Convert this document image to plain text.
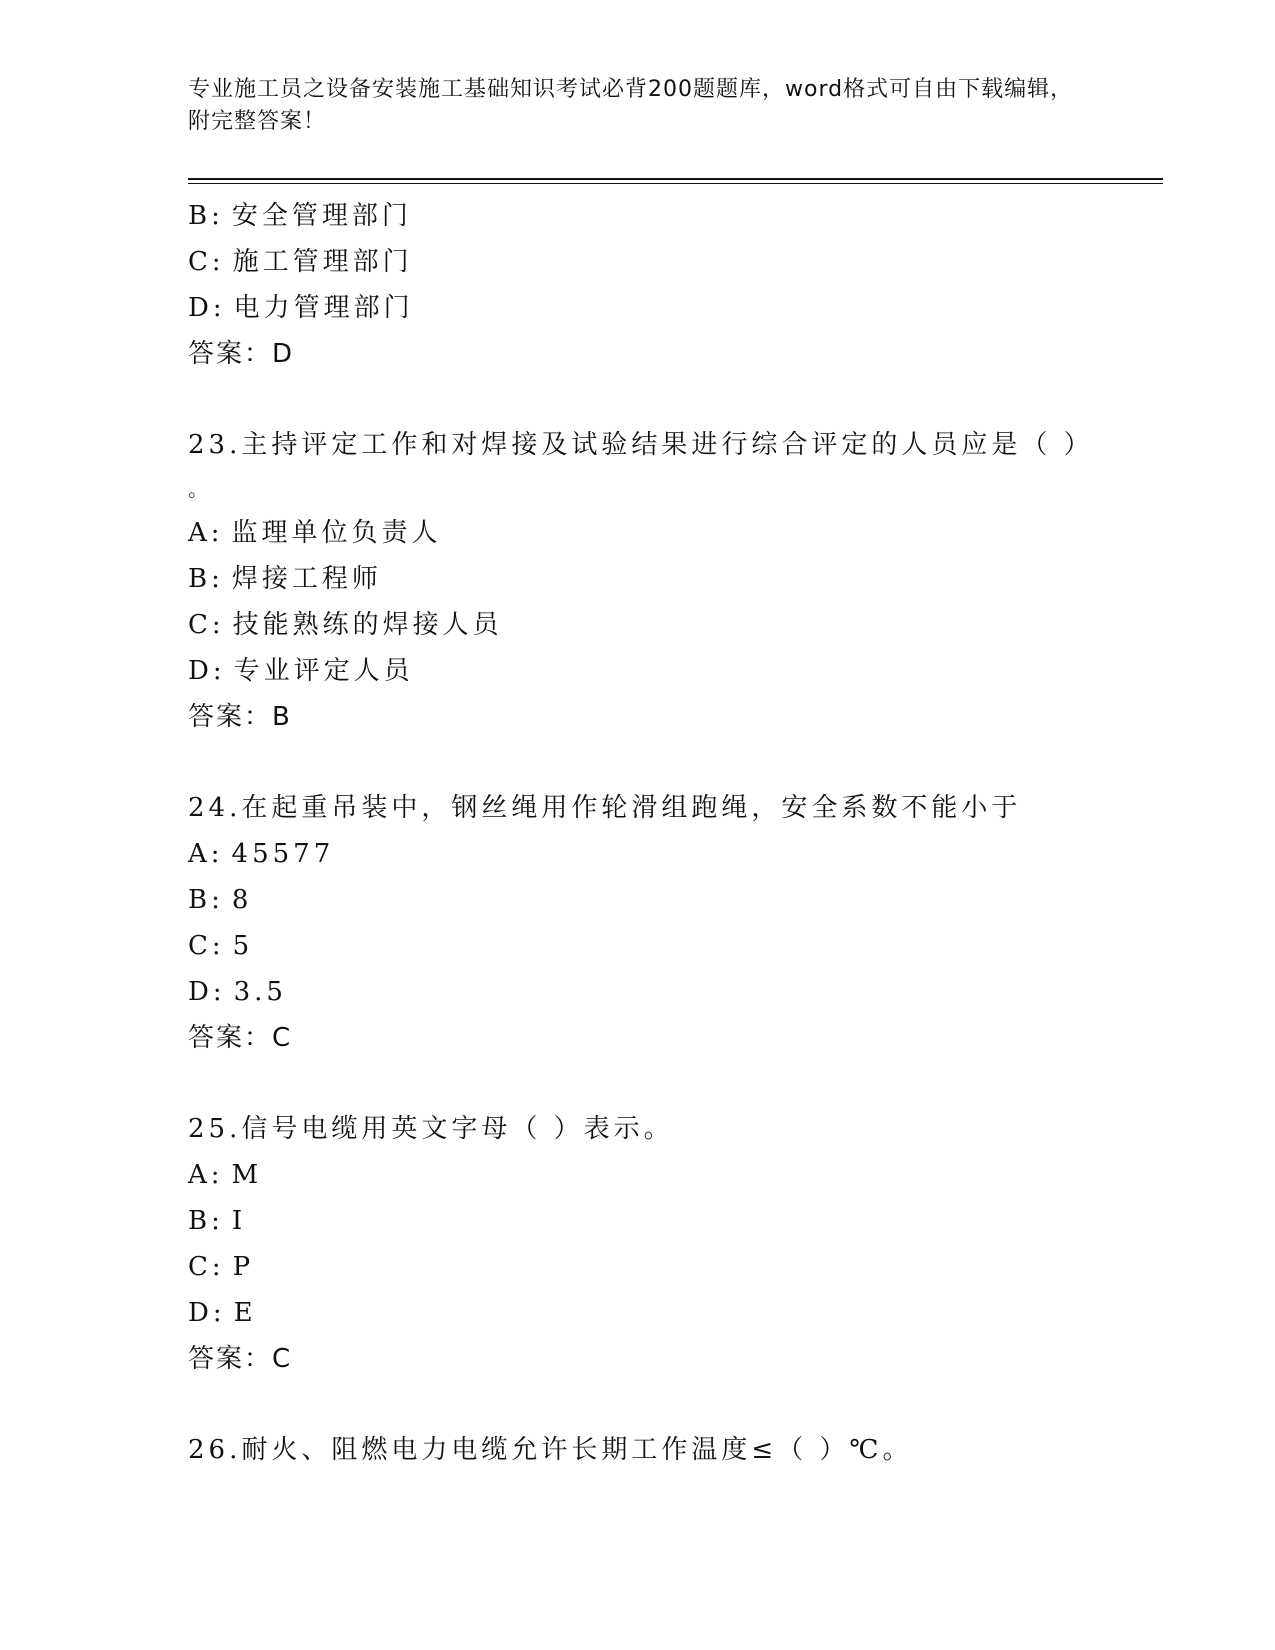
专业施工员之设备安装施工基础知识考试必背200题题库，word格式可自由下载编辑，附完整答案！
B: 安全管理部门
C: 施工管理部门
D: 电力管理部门
答案：D
23.主持评定工作和对焊接及试验结果进行综合评定的人员应是（ ）
。
A: 监理单位负责人
B: 焊接工程师
C: 技能熟练的焊接人员
D: 专业评定人员
答案：B
24.在起重吊装中，钢丝绳用作轮滑组跑绳，安全系数不能小于
A: 45577
B: 8
C: 5
D: 3.5
答案：C
25.信号电缆用英文字母（ ）表示。
A: M
B: I
C: P
D: E
答案：C
26.耐火、阻燃电力电缆允许长期工作温度≤（ ）℃。
